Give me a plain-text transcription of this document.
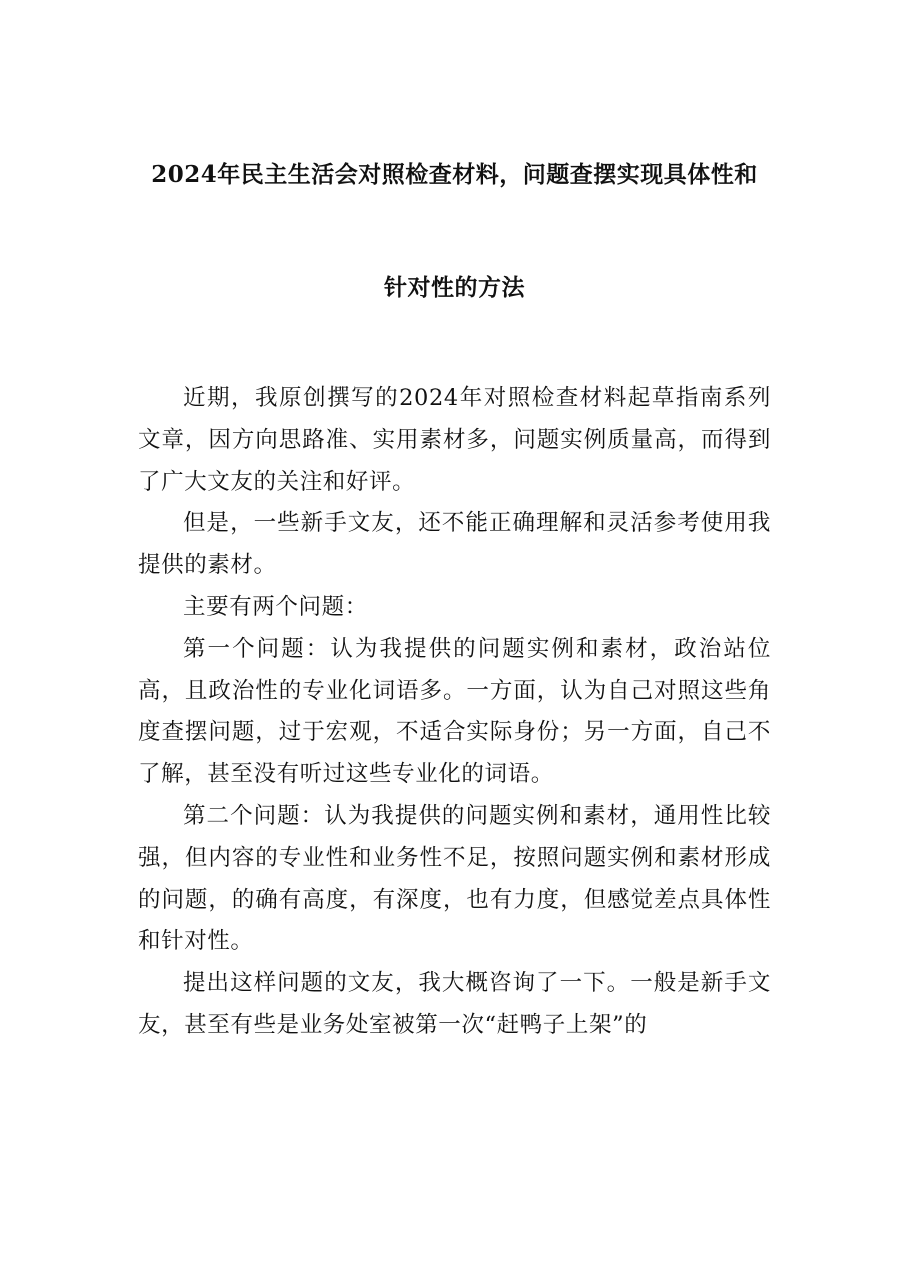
2024年民主生活会对照检查材料，问题查摆实现具体性和
针对性的方法

近期，我原创撰写的2024年对照检查材料起草指南系列文章，因方向思路准、实用素材多，问题实例质量高，而得到了广大文友的关注和好评。

但是，一些新手文友，还不能正确理解和灵活参考使用我提供的素材。

主要有两个问题：

第一个问题：认为我提供的问题实例和素材，政治站位高，且政治性的专业化词语多。一方面，认为自己对照这些角度查摆问题，过于宏观，不适合实际身份；另一方面，自己不了解，甚至没有听过这些专业化的词语。

第二个问题：认为我提供的问题实例和素材，通用性比较强，但内容的专业性和业务性不足，按照问题实例和素材形成的问题，的确有高度，有深度，也有力度，但感觉差点具体性和针对性。

提出这样问题的文友，我大概咨询了一下。一般是新手文友，甚至有些是业务处室被第一次“赶鸭子上架”的
